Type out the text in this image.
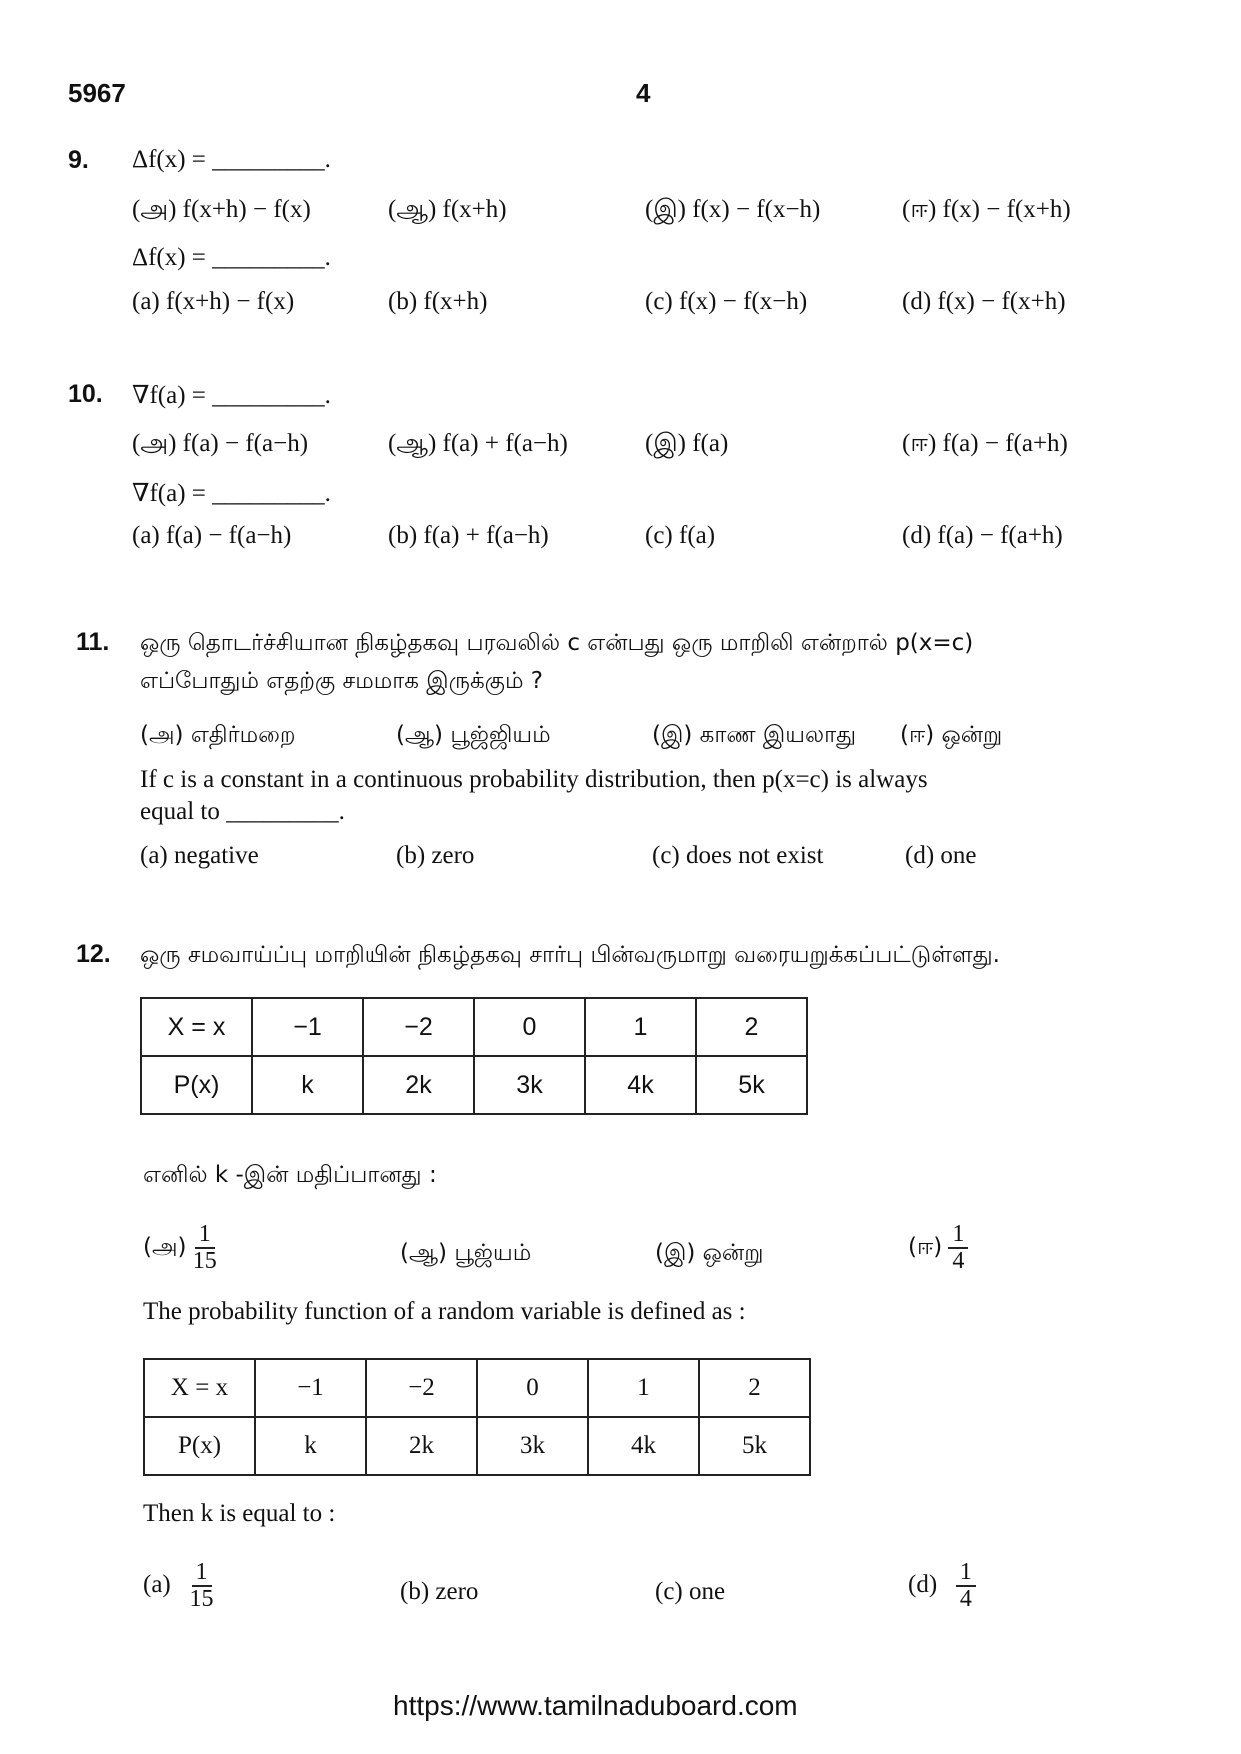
5967	4
9. Δf(x) = _________.
(அ) f(x+h) − f(x)	(ஆ) f(x+h)	(இ) f(x) − f(x−h)	(ஈ) f(x) − f(x+h)
Δf(x) = _________.
(a) f(x+h) − f(x)	(b) f(x+h)	(c) f(x) − f(x−h)	(d) f(x) − f(x+h)
10. ∇f(a) = _________.
(அ) f(a) − f(a−h)	(ஆ) f(a) + f(a−h)	(இ) f(a)	(ஈ) f(a) − f(a+h)
∇f(a) = _________.
(a) f(a) − f(a−h)	(b) f(a) + f(a−h)	(c) f(a)	(d) f(a) − f(a+h)
11. ஒரு தொடர்ச்சியான நிகழ்தகவு பரவலில் c என்பது ஒரு மாறிலி என்றால் p(x=c)
எப்போதும் எதற்கு சமமாக இருக்கும் ?
(அ) எதிர்மறை	(ஆ) பூஜ்ஜியம்	(இ) காண இயலாது (ஈ) ஒன்று
If c is a constant in a continuous probability distribution, then p(x=c) is always
equal to _________.
(a) negative	(b) zero	(c) does not exist	(d) one
12. ஒரு சமவாய்ப்பு மாறியின் நிகழ்தகவு சார்பு பின்வருமாறு வரையறுக்கப்பட்டுள்ளது.
X = x	−1	−2	0	1	2
P(x)	k	2k	3k	4k	5k
எனில் k -இன் மதிப்பானது :
(அ) $\frac{1}{15}$	(ஆ) பூஜ்யம்	(இ) ஒன்று	(ஈ) $\frac{1}{4}$
The probability function of a random variable is defined as :
X = x	−1	−2	0	1	2
P(x)	k	2k	3k	4k	5k
Then k is equal to :
$(a) \frac{1}{15}$	(b) zero	(c) one	$(d) \frac{1}{4}$
https://www.tamilnaduboard.com
